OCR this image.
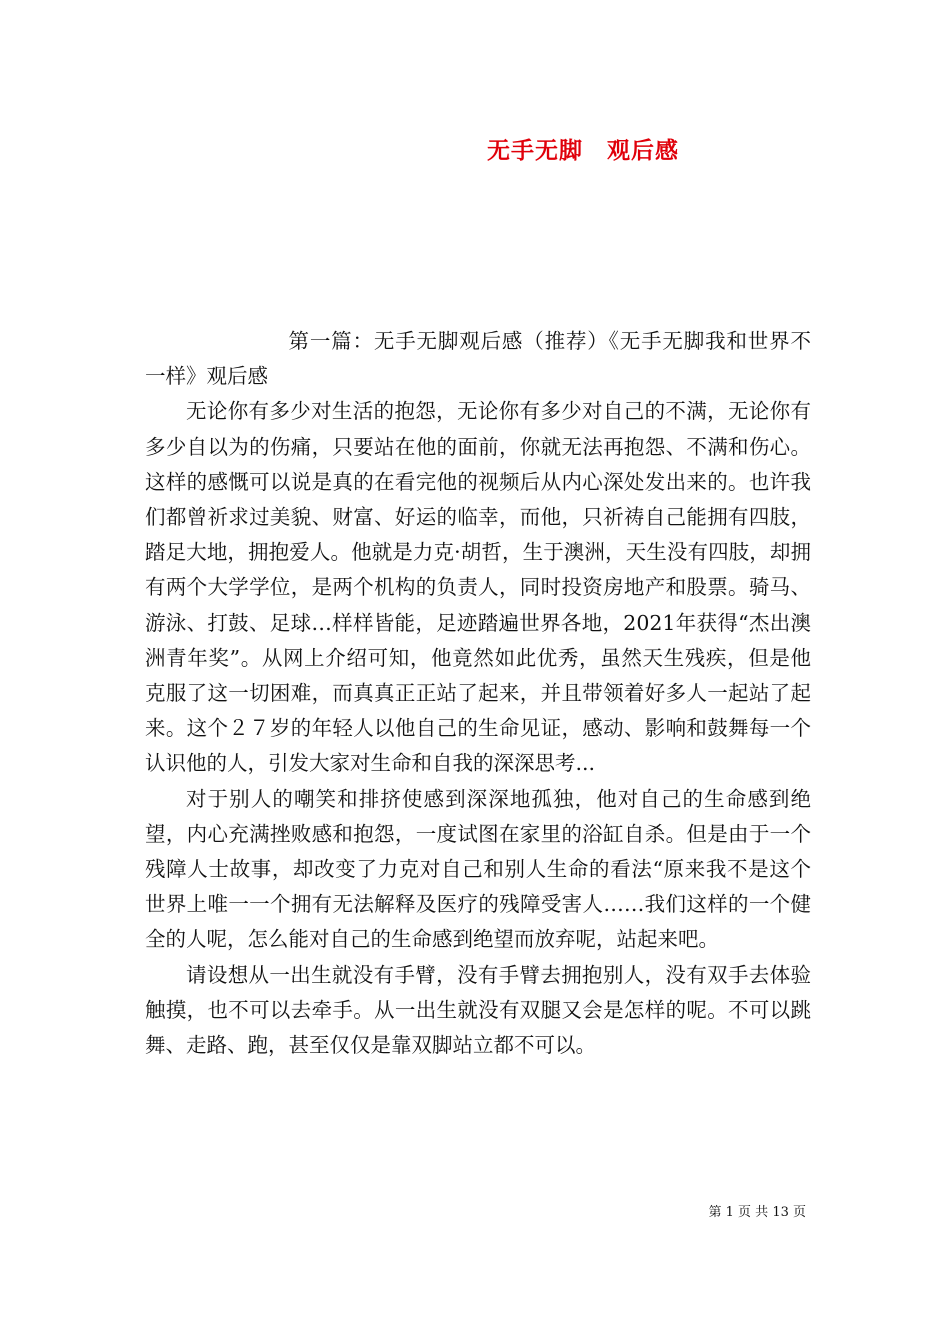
无手无脚　观后感

第一篇：无手无脚观后感（推荐）《无手无脚我和世界不一样》观后感

无论你有多少对生活的抱怨，无论你有多少对自己的不满，无论你有多少自以为的伤痛，只要站在他的面前，你就无法再抱怨、不满和伤心。这样的感慨可以说是真的在看完他的视频后从内心深处发出来的。也许我们都曾祈求过美貌、财富、好运的临幸，而他，只祈祷自己能拥有四肢，踏足大地，拥抱爱人。他就是力克·胡哲，生于澳洲，天生没有四肢，却拥有两个大学学位，是两个机构的负责人，同时投资房地产和股票。骑马、游泳、打鼓、足球…样样皆能，足迹踏遍世界各地，2021年获得“杰出澳洲青年奖”。从网上介绍可知，他竟然如此优秀，虽然天生残疾，但是他克服了这一切困难，而真真正正站了起来，并且带领着好多人一起站了起来。这个２７岁的年轻人以他自己的生命见证，感动、影响和鼓舞每一个认识他的人，引发大家对生命和自我的深深思考...

对于别人的嘲笑和排挤使感到深深地孤独，他对自己的生命感到绝望，内心充满挫败感和抱怨，一度试图在家里的浴缸自杀。但是由于一个残障人士故事，却改变了力克对自己和别人生命的看法“原来我不是这个世界上唯一一个拥有无法解释及医疗的残障受害人……我们这样的一个健全的人呢，怎么能对自己的生命感到绝望而放弃呢，站起来吧。

请设想从一出生就没有手臂，没有手臂去拥抱别人，没有双手去体验触摸，也不可以去牵手。从一出生就没有双腿又会是怎样的呢。不可以跳舞、走路、跑，甚至仅仅是靠双脚站立都不可以。

第 1 页 共 13 页
